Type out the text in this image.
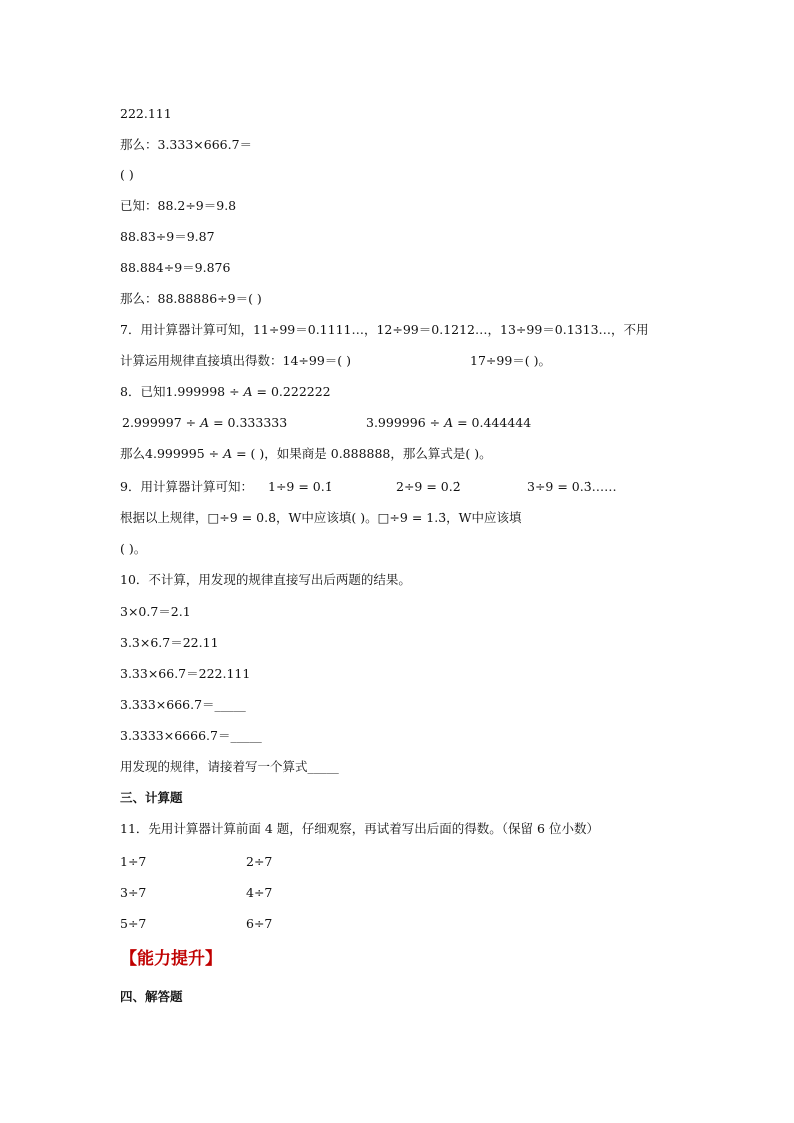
222.111
那么：3.333×666.7＝
( )
已知：88.2÷9＝9.8
88.83÷9＝9.87
88.884÷9＝9.876
那么：88.88886÷9＝( )
7．用计算器计算可知，11÷99＝0.1111…，12÷99＝0.1212…，13÷99＝0.1313…，不用
计算运用规律直接填出得数：14÷99＝( )	17÷99＝( )。
8．已知1.999998 ÷ A = 0.222222
2.999997 ÷ A = 0.333333	3.999996 ÷ A = 0.444444
那么4.999995 ÷ A = ( )，如果商是 0.888888，那么算式是( )。
9．用计算器计算可知： 1÷9 = 0.1̇	2÷9 = 0.2̇	3÷9 = 0.3̇……
根据以上规律，□÷9 = 0.8̇，W中应该填( )。□÷9 = 1.3̇，W中应该填
( )。
10．不计算，用发现的规律直接写出后两题的结果。
3×0.7＝2.1
3.3×6.7＝22.11
3.33×66.7＝222.111
3.333×666.7＝_____
3.3333×6666.7＝_____
用发现的规律，请接着写一个算式_____
三、计算题
11．先用计算器计算前面 4 题，仔细观察，再试着写出后面的得数。（保留 6 位小数）
1÷7	2÷7
3÷7	4÷7
5÷7	6÷7
【能力提升】
四、解答题
